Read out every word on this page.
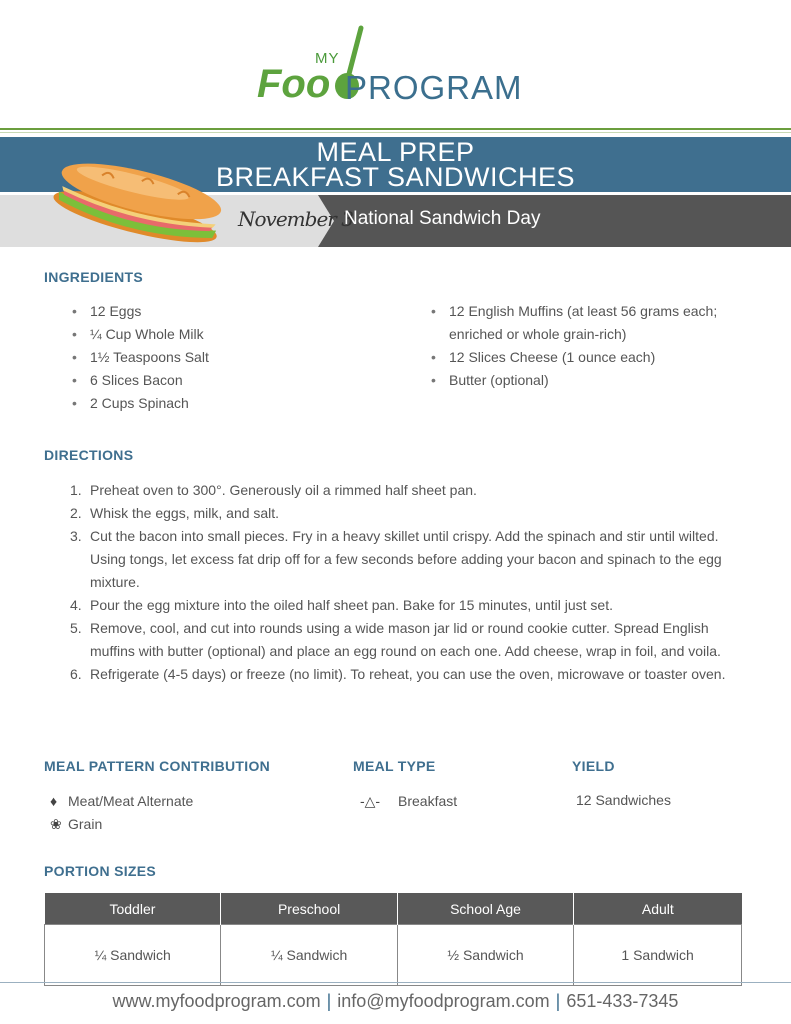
MY
Foo PROGRAM
MEAL PREP
BREAKFAST SANDWICHES
November 3
National Sandwich Day
INGREDIENTS
• 12 Eggs
• ¼ Cup Whole Milk
• 1½ Teaspoons Salt
• 6 Slices Bacon
• 2 Cups Spinach
• 12 English Muffins (at least 56 grams each; enriched or whole grain-rich)
• 12 Slices Cheese (1 ounce each)
• Butter (optional)
DIRECTIONS
1. Preheat oven to 300°. Generously oil a rimmed half sheet pan.
2. Whisk the eggs, milk, and salt.
3. Cut the bacon into small pieces. Fry in a heavy skillet until crispy. Add the spinach and stir until wilted. Using tongs, let excess fat drip off for a few seconds before adding your bacon and spinach to the egg mixture.
4. Pour the egg mixture into the oiled half sheet pan. Bake for 15 minutes, until just set.
5. Remove, cool, and cut into rounds using a wide mason jar lid or round cookie cutter. Spread English muffins with butter (optional) and place an egg round on each one. Add cheese, wrap in foil, and voila.
6. Refrigerate (4-5 days) or freeze (no limit). To reheat, you can use the oven, microwave or toaster oven.
MEAL PATTERN CONTRIBUTION
♦ Meat/Meat Alternate
❀ Grain
MEAL TYPE
-△- Breakfast
YIELD
12 Sandwiches
PORTION SIZES
Toddler	Preschool	School Age	Adult
¼ Sandwich	¼ Sandwich	½ Sandwich	1 Sandwich
www.myfoodprogram.com | info@myfoodprogram.com | 651-433-7345
